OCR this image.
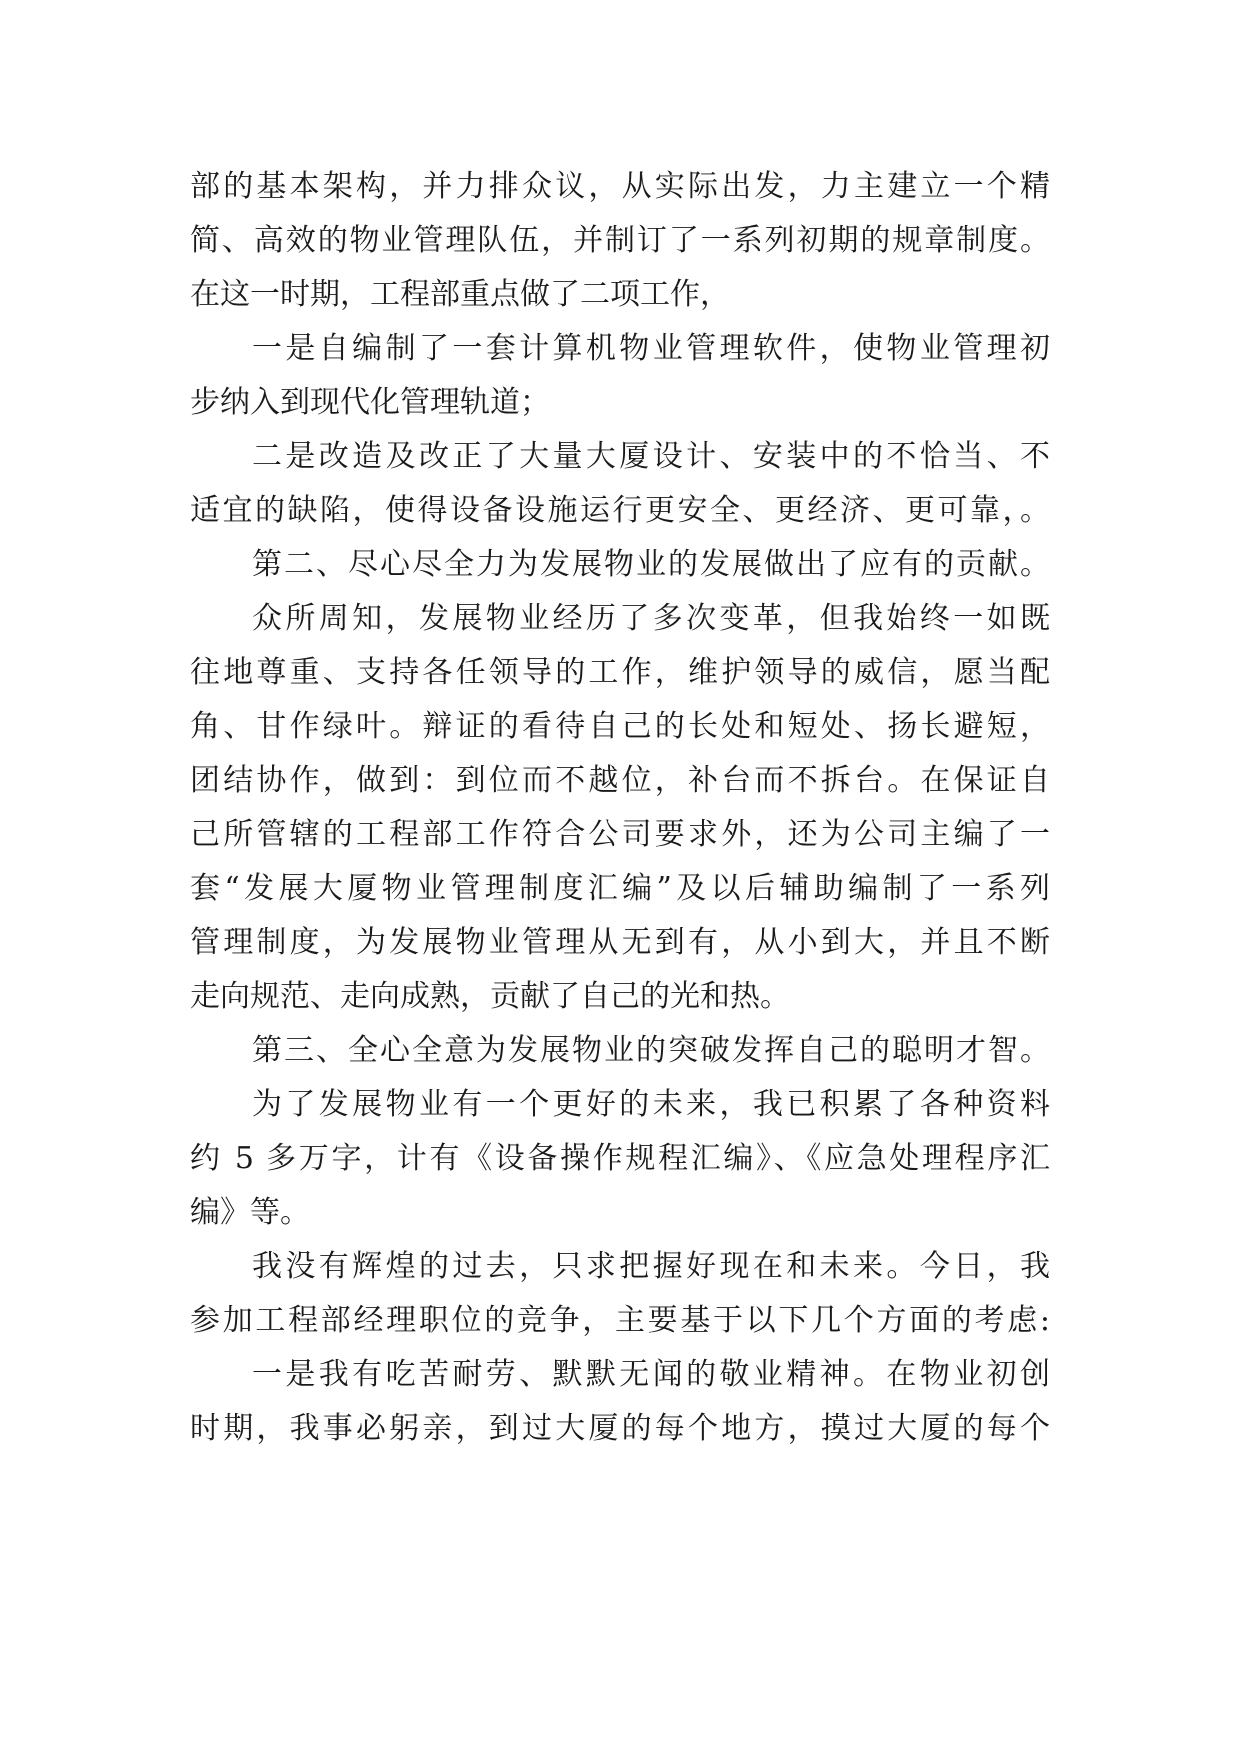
部的基本架构，并力排众议，从实际出发，力主建立一个精
简、高效的物业管理队伍，并制订了一系列初期的规章制度。
在这一时期，工程部重点做了二项工作，
一是自编制了一套计算机物业管理软件，使物业管理初
步纳入到现代化管理轨道；
二是改造及改正了大量大厦设计、安装中的不恰当、不
适宜的缺陷，使得设备设施运行更安全、更经济、更可靠，。
第二、尽心尽全力为发展物业的发展做出了应有的贡献。
众所周知，发展物业经历了多次变革，但我始终一如既
往地尊重、支持各任领导的工作，维护领导的威信，愿当配
角、甘作绿叶。辩证的看待自己的长处和短处、扬长避短，
团结协作，做到：到位而不越位，补台而不拆台。在保证自
己所管辖的工程部工作符合公司要求外，还为公司主编了一
套“发展大厦物业管理制度汇编”及以后辅助编制了一系列
管理制度，为发展物业管理从无到有，从小到大，并且不断
走向规范、走向成熟，贡献了自己的光和热。
第三、全心全意为发展物业的突破发挥自己的聪明才智。
为了发展物业有一个更好的未来，我已积累了各种资料
约 5 多万字，计有《设备操作规程汇编》、《应急处理程序汇
编》等。
我没有辉煌的过去，只求把握好现在和未来。今日，我
参加工程部经理职位的竞争，主要基于以下几个方面的考虑:
一是我有吃苦耐劳、默默无闻的敬业精神。在物业初创
时期，我事必躬亲，到过大厦的每个地方，摸过大厦的每个
